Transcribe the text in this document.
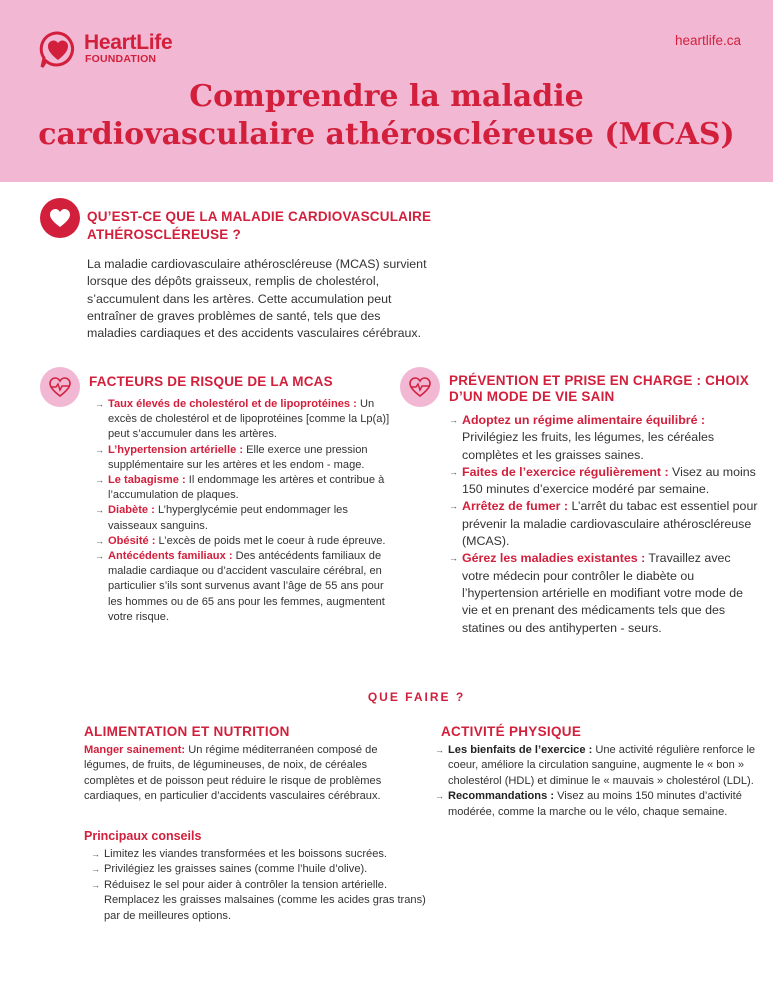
HeartLife
FOUNDATION
heartlife.ca
Comprendre la maladie
cardiovasculaire athéroscléreuse (MCAS)
QU’EST-CE QUE LA MALADIE CARDIOVASCULAIRE ATHÉROSCLÉREUSE ?
La maladie cardiovasculaire athéroscléreuse (MCAS) survient lorsque des dépôts graisseux, remplis de cholestérol, s’accumulent dans les artères. Cette accumulation peut entraîner de graves problèmes de santé, tels que des maladies cardiaques et des accidents vasculaires cérébraux.
FACTEURS DE RISQUE DE LA MCAS
→ Taux élevés de cholestérol et de lipoprotéines : Un excès de cholestérol et de lipoprotéines [comme la Lp(a)] peut s’accumuler dans les artères.
→ L’hypertension artérielle : Elle exerce une pression supplémentaire sur les artères et les endom - mage.
→ Le tabagisme : Il endommage les artères et contribue à l’accumulation de plaques.
→ Diabète : L’hyperglycémie peut endommager les vaisseaux sanguins.
→ Obésité : L’excès de poids met le coeur à rude épreuve.
→ Antécédents familiaux : Des antécédents familiaux de maladie cardiaque ou d’accident vasculaire cérébral, en particulier s’ils sont survenus avant l’âge de 55 ans pour les hommes ou de 65 ans pour les femmes, augmentent votre risque.
PRÉVENTION ET PRISE EN CHARGE : CHOIX D’UN MODE DE VIE SAIN
→ Adoptez un régime alimentaire équilibré : Privilégiez les fruits, les légumes, les céréales complètes et les graisses saines.
→ Faites de l’exercice régulièrement : Visez au moins 150 minutes d’exercice modéré par semaine.
→ Arrêtez de fumer : L’arrêt du tabac est essentiel pour prévenir la maladie cardiovasculaire athéroscléreuse (MCAS).
→ Gérez les maladies existantes : Travaillez avec votre médecin pour contrôler le diabète ou l’hypertension artérielle en modifiant votre mode de vie et en prenant des médicaments tels que des statines ou des antihyperten - seurs.
QUE FAIRE ?
ALIMENTATION ET NUTRITION
Manger sainement: Un régime méditerranéen composé de légumes, de fruits, de légumineuses, de noix, de céréales complètes et de poisson peut réduire le risque de problèmes cardiaques, en particulier d’accidents vasculaires cérébraux.
Principaux conseils
→ Limitez les viandes transformées et les boissons sucrées.
→ Privilégiez les graisses saines (comme l’huile d’olive).
→ Réduisez le sel pour aider à contrôler la tension artérielle. Remplacez les graisses malsaines (comme les acides gras trans) par de meilleures options.
ACTIVITÉ PHYSIQUE
→ Les bienfaits de l’exercice : Une activité régulière renforce le coeur, améliore la circulation sanguine, augmente le « bon » cholestérol (HDL) et diminue le « mauvais » cholestérol (LDL).
→ Recommandations : Visez au moins 150 minutes d’activité modérée, comme la marche ou le vélo, chaque semaine.
